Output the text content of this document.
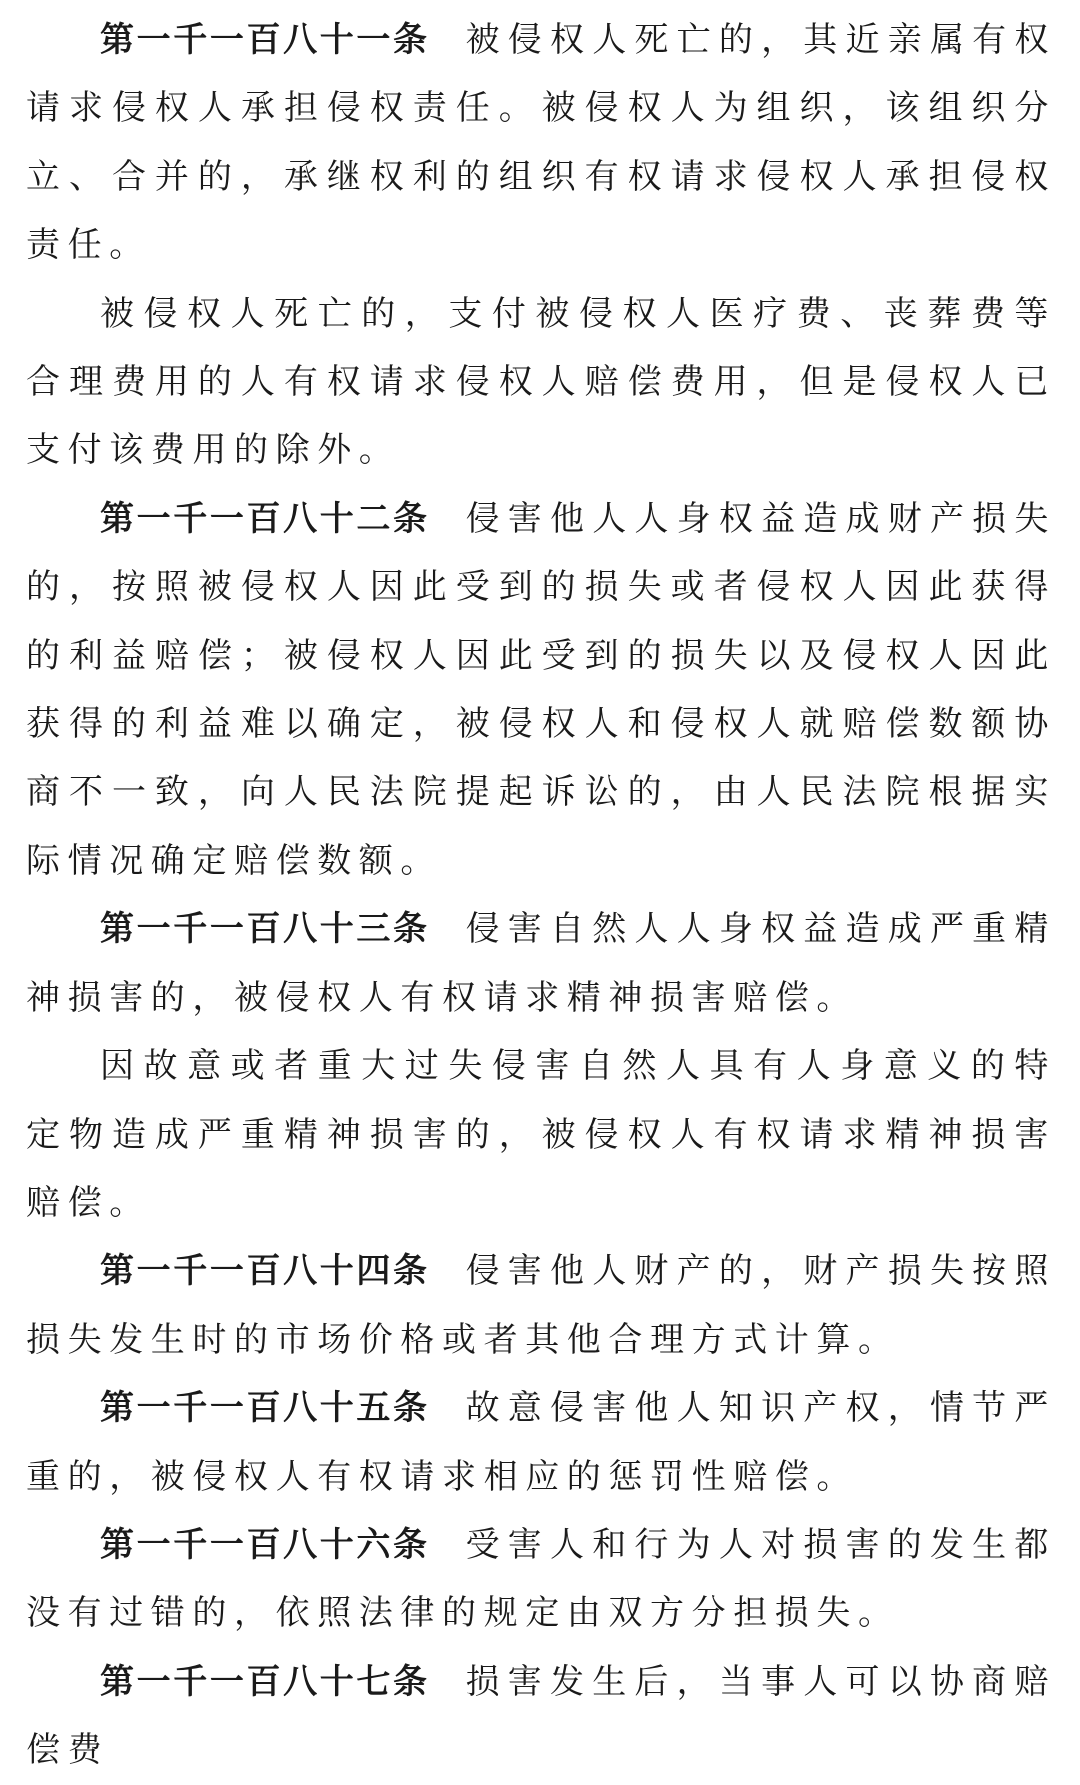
第一千一百八十一条 被侵权人死亡的，其近亲属有权请求侵权人承担侵权责任。被侵权人为组织，该组织分立、合并的，承继权利的组织有权请求侵权人承担侵权责任。

被侵权人死亡的，支付被侵权人医疗费、丧葬费等合理费用的人有权请求侵权人赔偿费用，但是侵权人已支付该费用的除外。

第一千一百八十二条 侵害他人人身权益造成财产损失的，按照被侵权人因此受到的损失或者侵权人因此获得的利益赔偿；被侵权人因此受到的损失以及侵权人因此获得的利益难以确定，被侵权人和侵权人就赔偿数额协商不一致，向人民法院提起诉讼的，由人民法院根据实际情况确定赔偿数额。

第一千一百八十三条 侵害自然人人身权益造成严重精神损害的，被侵权人有权请求精神损害赔偿。

因故意或者重大过失侵害自然人具有人身意义的特定物造成严重精神损害的，被侵权人有权请求精神损害赔偿。

第一千一百八十四条 侵害他人财产的，财产损失按照损失发生时的市场价格或者其他合理方式计算。

第一千一百八十五条 故意侵害他人知识产权，情节严重的，被侵权人有权请求相应的惩罚性赔偿。

第一千一百八十六条 受害人和行为人对损害的发生都没有过错的，依照法律的规定由双方分担损失。

第一千一百八十七条 损害发生后，当事人可以协商赔偿费
